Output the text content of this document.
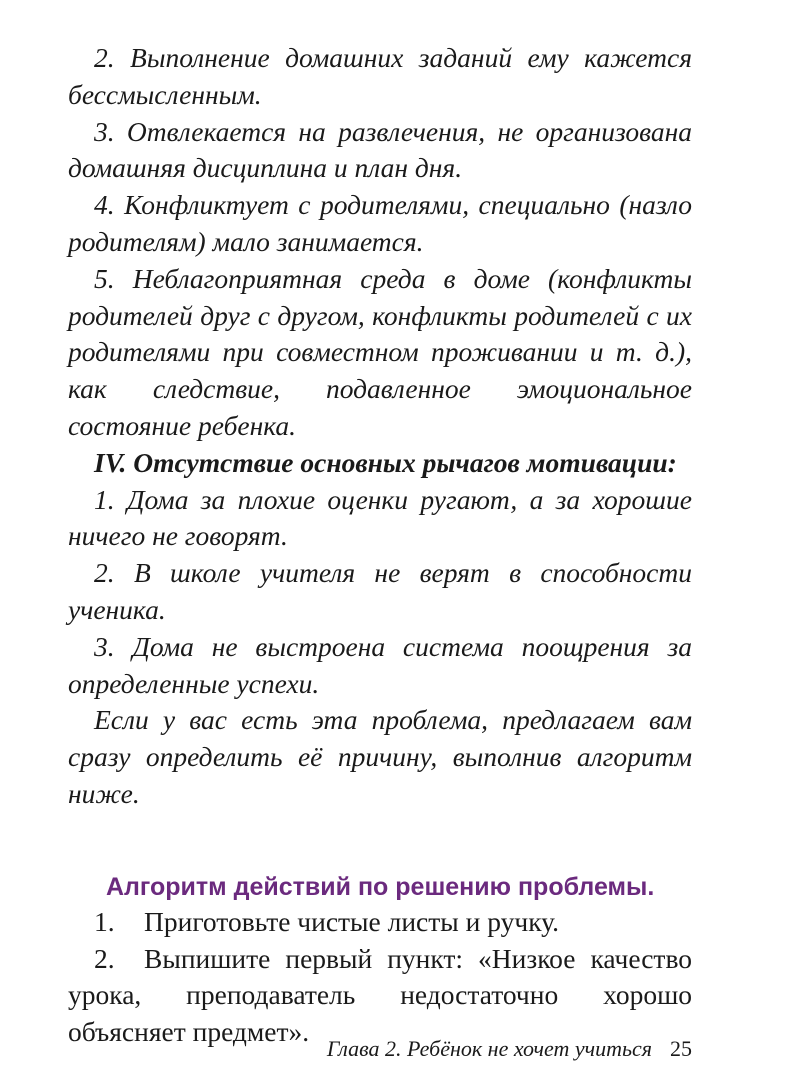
2. Выполнение домашних заданий ему кажется бессмысленным.

3. Отвлекается на развлечения, не организована домашняя дисциплина и план дня.

4. Конфликтует с родителями, специально (назло родителям) мало занимается.

5. Неблагоприятная среда в доме (конфликты родителей друг с другом, конфликты родителей с их родителями при совместном проживании и т. д.), как следствие, подавленное эмоциональное состояние ребенка.

IV. Отсутствие основных рычагов мотивации:

1. Дома за плохие оценки ругают, а за хорошие ничего не говорят.

2. В школе учителя не верят в способности ученика.

3. Дома не выстроена система поощрения за определенные успехи.

Если у вас есть эта проблема, предлагаем вам сразу определить её причину, выполнив алгоритм ниже.

Алгоритм действий по решению проблемы.

1. Приготовьте чистые листы и ручку.

2. Выпишите первый пункт: «Низкое качество урока, преподаватель недостаточно хорошо объясняет предмет».

Глава 2. Ребёнок не хочет учиться 25
